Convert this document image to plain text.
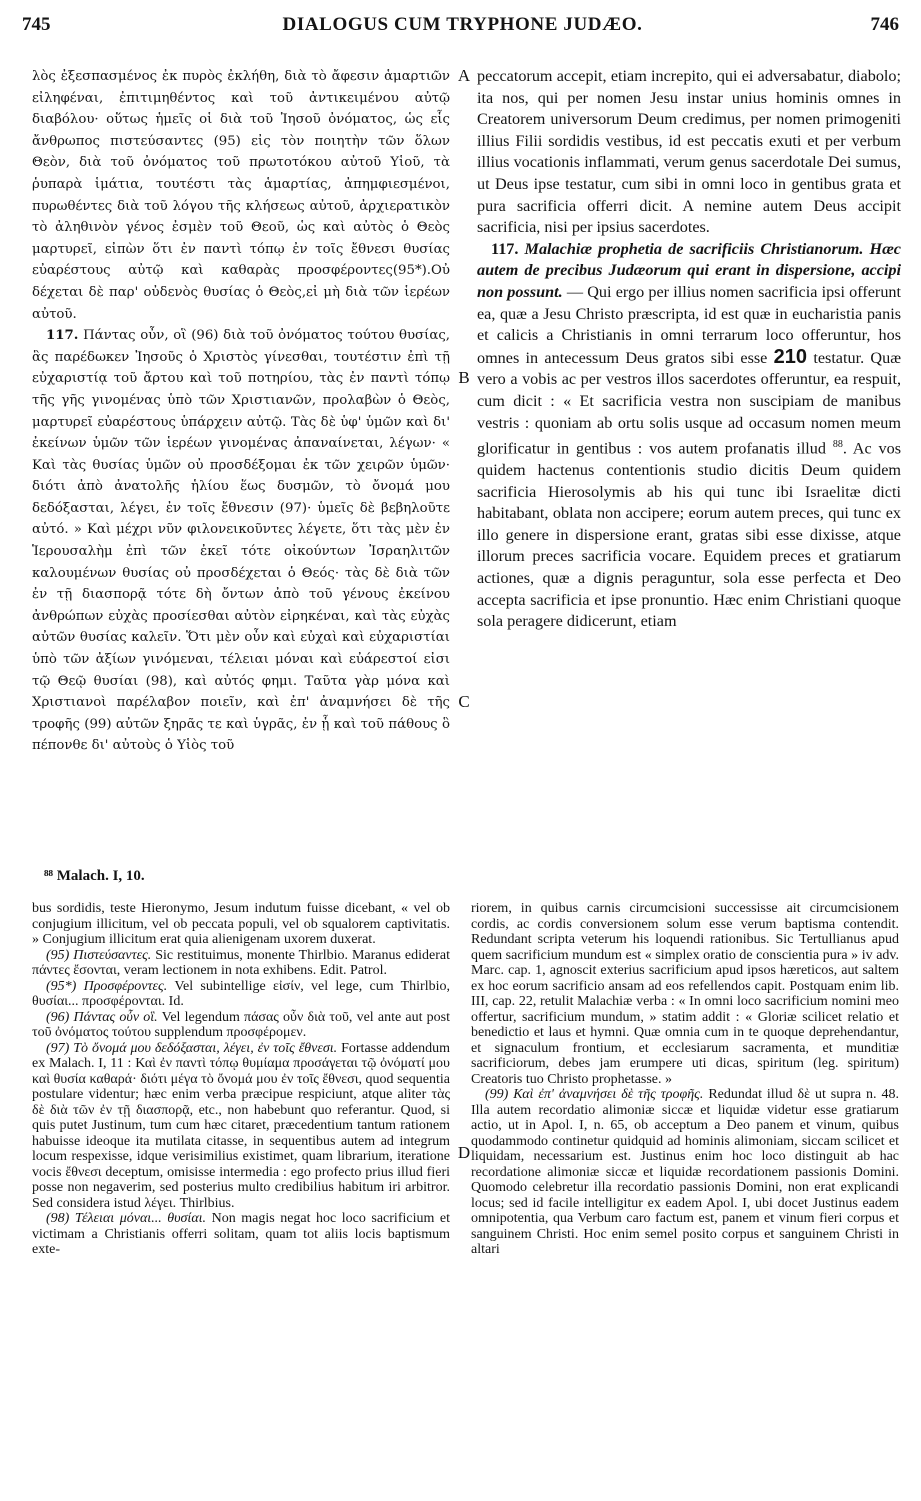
745	DIALOGUS CUM TRYPHONE JUDÆO.	746

λὸς ἐξεσπασμένος ἐκ πυρὸς ἐκλήθη, διὰ τὸ ἄφεσιν ἁμαρτιῶν εἰληφέναι, ἐπιτιμηθέντος καὶ τοῦ ἀντικειμένου αὐτῷ διαβόλου· οὕτως ἡμεῖς οἱ διὰ τοῦ Ἰησοῦ ὀνόματος, ὡς εἷς ἄνθρωπος πιστεύσαντες (95) εἰς τὸν ποιητὴν τῶν ὅλων Θεὸν, διὰ τοῦ ὀνόματος τοῦ πρωτοτόκου αὐτοῦ Υἱοῦ, τὰ ῥυπαρὰ ἱμάτια, τουτέστι τὰς ἁμαρτίας, ἀπημφιεσμένοι, πυρωθέντες διὰ τοῦ λόγου τῆς κλήσεως αὐτοῦ, ἀρχιερατικὸν τὸ ἀληθινὸν γένος ἐσμὲν τοῦ Θεοῦ, ὡς καὶ αὐτὸς ὁ Θεὸς μαρτυρεῖ, εἰπὼν ὅτι ἐν παντὶ τόπῳ ἐν τοῖς ἔθνεσι θυσίας εὐαρέστους αὐτῷ καὶ καθαρὰς προσφέροντες(95*).Οὐ δέχεται δὲ παρ' οὐδενὸς θυσίας ὁ Θεὸς,εἰ μὴ διὰ τῶν ἱερέων αὐτοῦ.

117. Πάντας οὖν, οἳ (96) διὰ τοῦ ὀνόματος τούτου θυσίας, ἃς παρέδωκεν Ἰησοῦς ὁ Χριστὸς γίνεσθαι, τουτέστιν ἐπὶ τῇ εὐχαριστίᾳ τοῦ ἄρτου καὶ τοῦ ποτηρίου, τὰς ἐν παντὶ τόπῳ τῆς γῆς γινομένας ὑπὸ τῶν Χριστιανῶν, προλαβὼν ὁ Θεὸς, μαρτυρεῖ εὐαρέστους ὑπάρχειν αὐτῷ. Τὰς δὲ ὑφ' ὑμῶν καὶ δι' ἐκείνων ὑμῶν τῶν ἱερέων γινομένας ἀπαναίνεται, λέγων· « Καὶ τὰς θυσίας ὑμῶν οὐ προσδέξομαι ἐκ τῶν χειρῶν ὑμῶν· διότι ἀπὸ ἀνατολῆς ἡλίου ἕως δυσμῶν, τὸ ὄνομά μου δεδόξασται, λέγει, ἐν τοῖς ἔθνεσιν (97)· ὑμεῖς δὲ βεβηλοῦτε αὐτό. » Καὶ μέχρι νῦν φιλονεικοῦντες λέγετε, ὅτι τὰς μὲν ἐν Ἱερουσαλὴμ ἐπὶ τῶν ἐκεῖ τότε οἰκούντων Ἰσραηλιτῶν καλουμένων θυσίας οὐ προσδέχεται ὁ Θεός· τὰς δὲ διὰ τῶν ἐν τῇ διασπορᾷ τότε δὴ ὄντων ἀπὸ τοῦ γένους ἐκείνου ἀνθρώπων εὐχὰς προσίεσθαι αὐτὸν εἰρηκέναι, καὶ τὰς εὐχὰς αὐτῶν θυσίας καλεῖν. Ὅτι μὲν οὖν καὶ εὐχαὶ καὶ εὐχαριστίαι ὑπὸ τῶν ἀξίων γινόμεναι, τέλειαι μόναι καὶ εὐάρεστοί εἰσι τῷ Θεῷ θυσίαι (98), καὶ αὐτός φημι. Ταῦτα γὰρ μόνα καὶ Χριστιανοὶ παρέλαβον ποιεῖν, καὶ ἐπ' ἀναμνήσει δὲ τῆς τροφῆς (99) αὐτῶν ξηρᾶς τε καὶ ὑγρᾶς, ἐν ᾗ καὶ τοῦ πάθους ὃ πέπονθε δι' αὐτοὺς ὁ Υἱὸς τοῦ

A
B
C
D

peccatorum accepit, etiam increpito, qui ei adversabatur, diabolo; ita nos, qui per nomen Jesu instar unius hominis omnes in Creatorem universorum Deum credimus, per nomen primogeniti illius Filii sordidis vestibus, id est peccatis exuti et per verbum illius vocationis inflammati, verum genus sacerdotale Dei sumus, ut Deus ipse testatur, cum sibi in omni loco in gentibus grata et pura sacrificia offerri dicit. A nemine autem Deus accipit sacrificia, nisi per ipsius sacerdotes.

117. Malachiæ prophetia de sacrificiis Christianorum. Hæc autem de precibus Judæorum qui erant in dispersione, accipi non possunt. — Qui ergo per illius nomen sacrificia ipsi offerunt ea, quæ a Jesu Christo præscripta, id est quæ in eucharistia panis et calicis a Christianis in omni terrarum loco offeruntur, hos omnes in antecessum Deus gratos sibi esse 210 testatur. Quæ vero a vobis ac per vestros illos sacerdotes offeruntur, ea respuit, cum dicit : « Et sacrificia vestra non suscipiam de manibus vestris : quoniam ab ortu solis usque ad occasum nomen meum glorificatur in gentibus : vos autem profanatis illud $^{88}$. Ac vos quidem hactenus contentionis studio dicitis Deum quidem sacrificia Hierosolymis ab his qui tunc ibi Israelitæ dicti habitabant, oblata non accipere; eorum autem preces, qui tunc ex illo genere in dispersione erant, gratas sibi esse dixisse, atque illorum preces sacrificia vocare. Equidem preces et gratiarum actiones, quæ a dignis peraguntur, sola esse perfecta et Deo accepta sacrificia et ipse pronuntio. Hæc enim Christiani quoque sola peragere didicerunt, etiam

⁸⁸ Malach. I, 10.

bus sordidis, teste Hieronymo, Jesum indutum fuisse dicebant, « vel ob conjugium illicitum, vel ob peccata populi, vel ob squalorem captivitatis. » Conjugium illicitum erat quia alienigenam uxorem duxerat.

(95) Πιστεύσαντες. Sic restituimus, monente Thirlbio. Maranus ediderat πάντες ἔσονται, veram lectionem in nota exhibens. Edit. Patrol.

(95*) Προσφέροντες. Vel subintellige εἰσίν, vel lege, cum Thirlbio, θυσίαι... προσφέρονται. Id.

(96) Πάντας οὖν οἳ. Vel legendum πάσας οὖν διὰ τοῦ, vel ante aut post τοῦ ὀνόματος τούτου supplendum προσφέρομεν.

(97) Τὸ ὄνομά μου δεδόξασται, λέγει, ἐν τοῖς ἔθνεσι. Fortasse addendum ex Malach. I, 11 : Καὶ ἐν παντὶ τόπῳ θυμίαμα προσάγεται τῷ ὀνόματί μου καὶ θυσία καθαρά· διότι μέγα τὸ ὄνομά μου ἐν τοῖς ἔθνεσι, quod sequentia postulare videntur; hæc enim verba præcipue respiciunt, atque aliter τὰς δὲ διὰ τῶν ἐν τῇ διασπορᾷ, etc., non habebunt quo referantur. Quod, si quis putet Justinum, tum cum hæc citaret, præcedentium tantum rationem habuisse ideoque ita mutilata citasse, in sequentibus autem ad integrum locum respexisse, idque verisimilius existimet, quam librarium, iteratione vocis ἔθνεσι deceptum, omisisse intermedia : ego profecto prius illud fieri posse non negaverim, sed posterius multo credibilius habitum iri arbitror. Sed considera istud λέγει. Thirlbius.

(98) Τέλειαι μόναι... θυσίαι. Non magis negat hoc loco sacrificium et victimam a Christianis offerri solitam, quam tot aliis locis baptismum exte-

riorem, in quibus carnis circumcisioni successisse ait circumcisionem cordis, ac cordis conversionem solum esse verum baptisma contendit. Redundant scripta veterum his loquendi rationibus. Sic Tertullianus apud quem sacrificium mundum est « simplex oratio de conscientia pura » iv adv. Marc. cap. 1, agnoscit exterius sacrificium apud ipsos hæreticos, aut saltem ex hoc eorum sacrificio ansam ad eos refellendos capit. Postquam enim lib. III, cap. 22, retulit Malachiæ verba : « In omni loco sacrificium nomini meo offertur, sacrificium mundum, » statim addit : « Gloriæ scilicet relatio et benedictio et laus et hymni. Quæ omnia cum in te quoque deprehendantur, et signaculum frontium, et ecclesiarum sacramenta, et munditiæ sacrificiorum, debes jam erumpere uti dicas, spiritum (leg. spiritum) Creatoris tuo Christo prophetasse. »

(99) Καὶ ἐπ' ἀναμνήσει δὲ τῆς τροφῆς. Redundat illud δὲ ut supra n. 48. Illa autem recordatio alimoniæ siccæ et liquidæ videtur esse gratiarum actio, ut in Apol. I, n. 65, ob acceptum a Deo panem et vinum, quibus quodammodo continetur quidquid ad hominis alimoniam, siccam scilicet et liquidam, necessarium est. Justinus enim hoc loco distinguit ab hac recordatione alimoniæ siccæ et liquidæ recordationem passionis Domini. Quomodo celebretur illa recordatio passionis Domini, non erat explicandi locus; sed id facile intelligitur ex eadem Apol. I, ubi docet Justinus eadem omnipotentia, qua Verbum caro factum est, panem et vinum fieri corpus et sanguinem Christi. Hoc enim semel posito corpus et sanguinem Christi in altari
